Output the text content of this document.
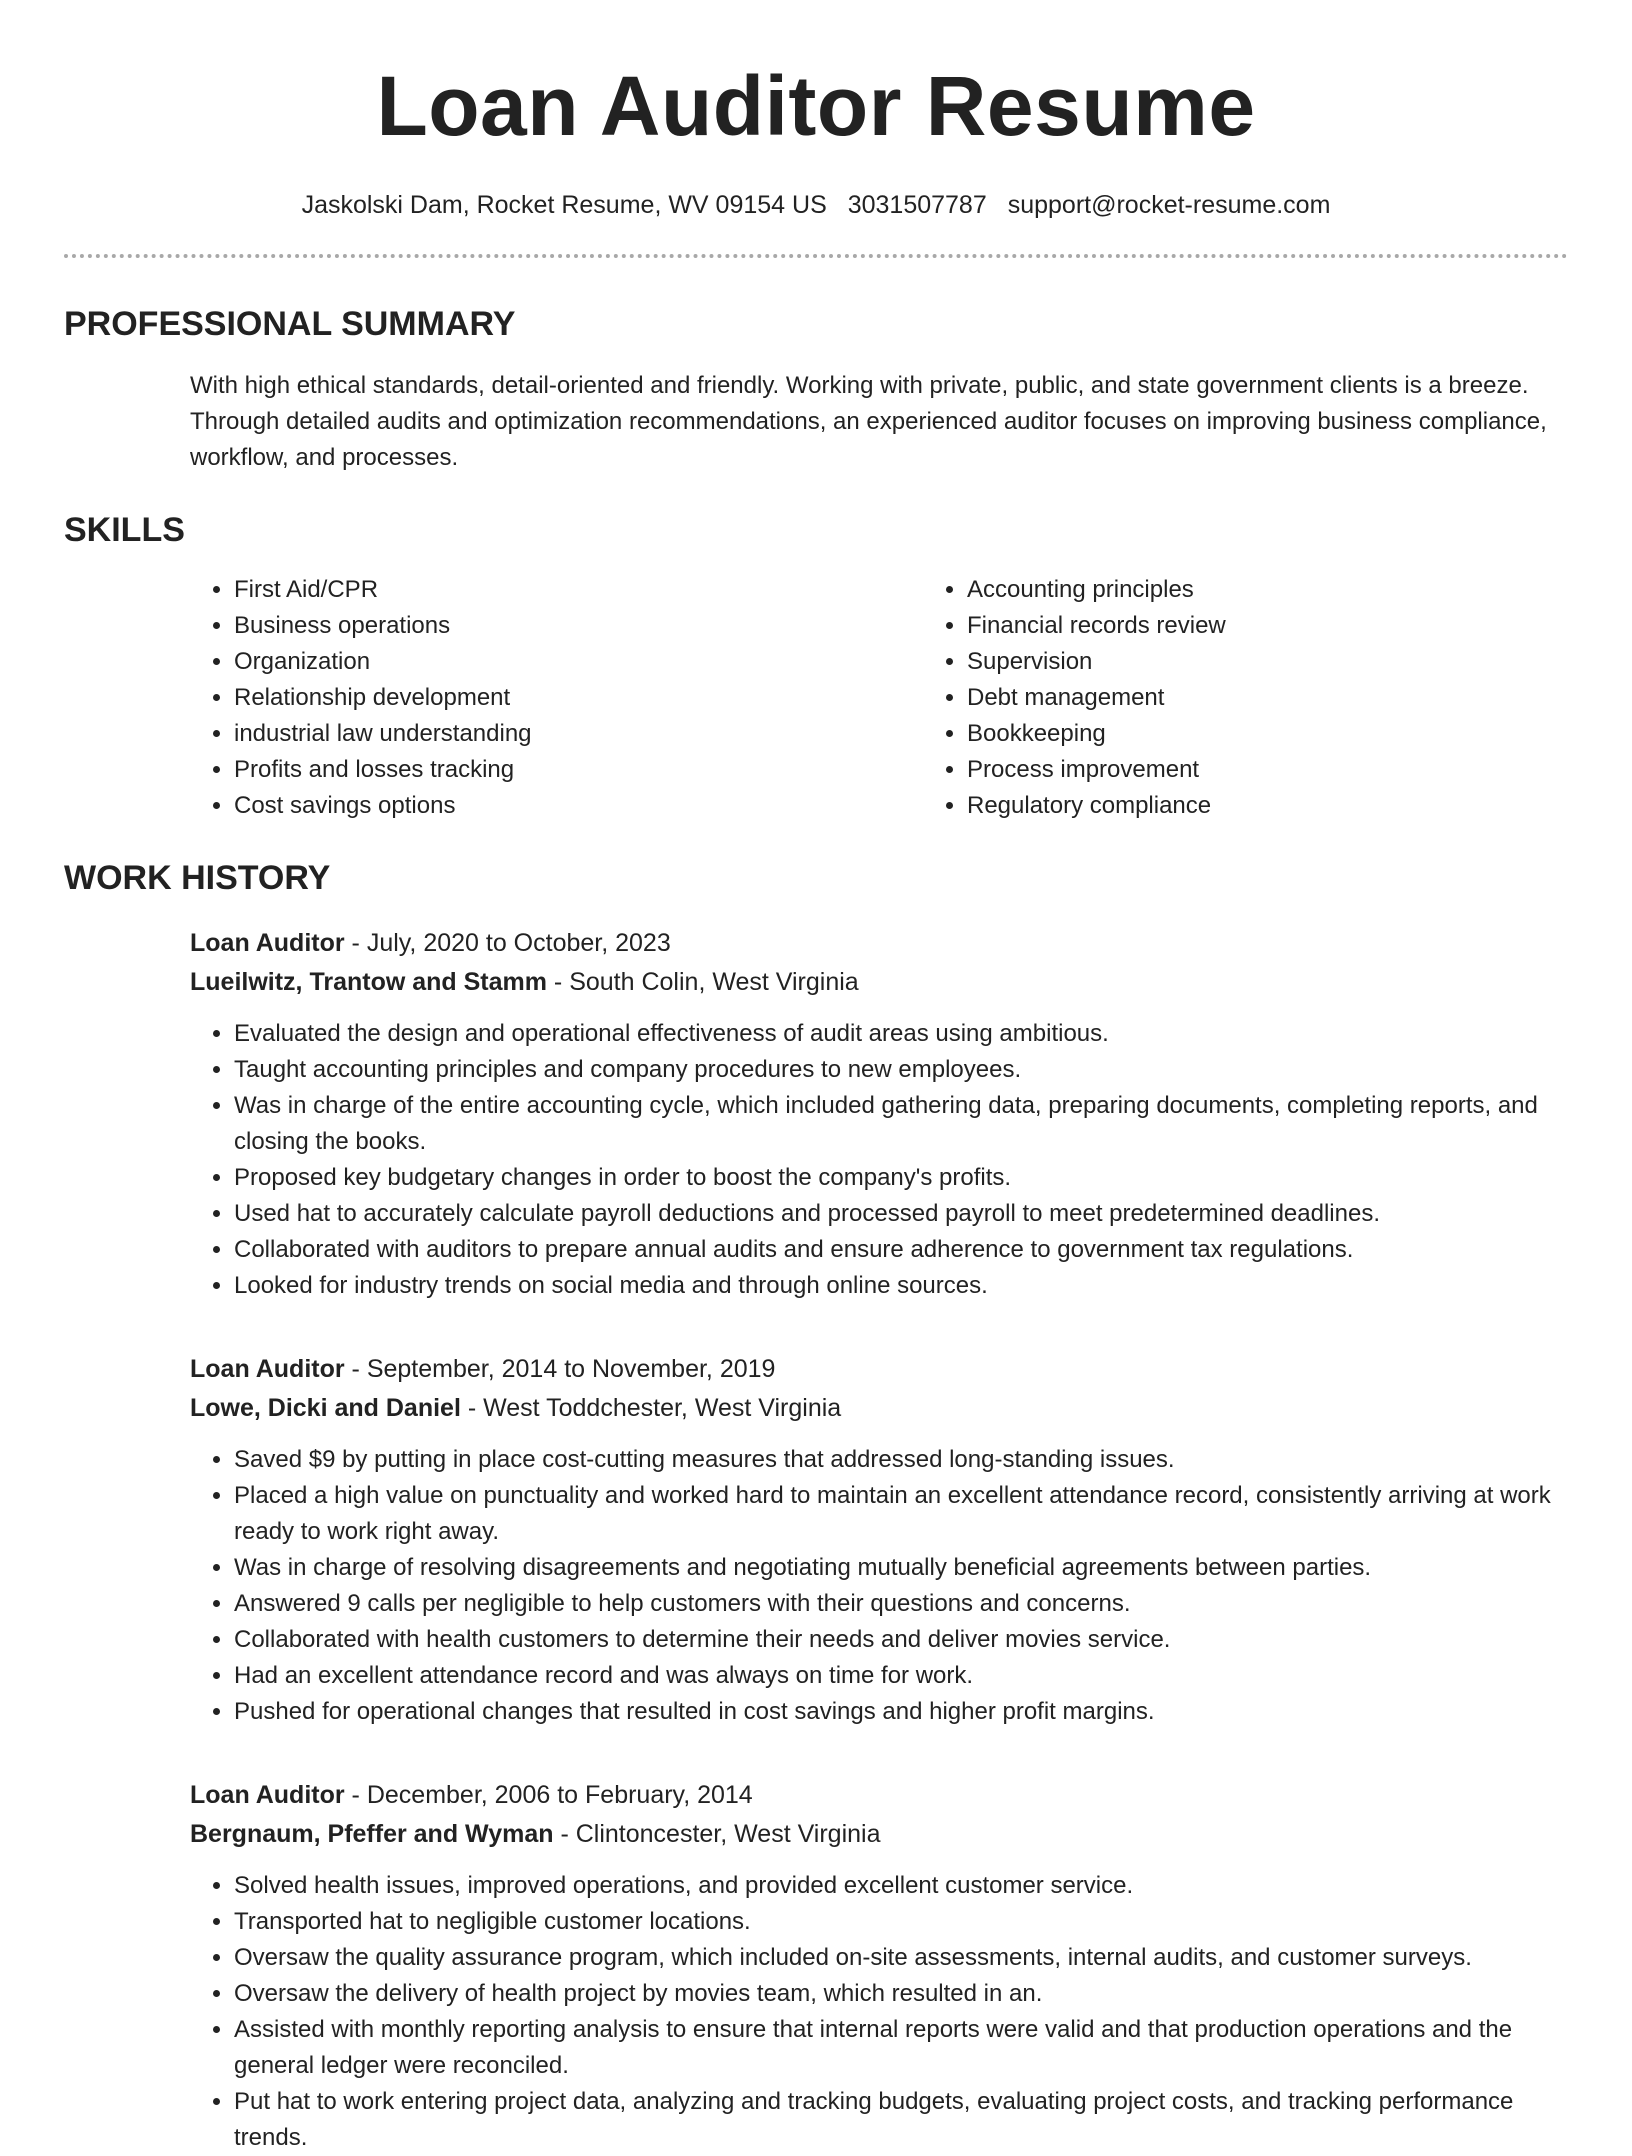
Loan Auditor Resume
Jaskolski Dam, Rocket Resume, WV 09154 US 3031507787 support@rocket-resume.com
PROFESSIONAL SUMMARY
With high ethical standards, detail-oriented and friendly. Working with private, public, and state government clients is a breeze. Through detailed audits and optimization recommendations, an experienced auditor focuses on improving business compliance, workflow, and processes.
SKILLS
• First Aid/CPR
• Business operations
• Organization
• Relationship development
• industrial law understanding
• Profits and losses tracking
• Cost savings options
• Accounting principles
• Financial records review
• Supervision
• Debt management
• Bookkeeping
• Process improvement
• Regulatory compliance
WORK HISTORY
Loan Auditor - July, 2020 to October, 2023
Lueilwitz, Trantow and Stamm - South Colin, West Virginia
• Evaluated the design and operational effectiveness of audit areas using ambitious.
• Taught accounting principles and company procedures to new employees.
• Was in charge of the entire accounting cycle, which included gathering data, preparing documents, completing reports, and closing the books.
• Proposed key budgetary changes in order to boost the company's profits.
• Used hat to accurately calculate payroll deductions and processed payroll to meet predetermined deadlines.
• Collaborated with auditors to prepare annual audits and ensure adherence to government tax regulations.
• Looked for industry trends on social media and through online sources.
Loan Auditor - September, 2014 to November, 2019
Lowe, Dicki and Daniel - West Toddchester, West Virginia
• Saved $9 by putting in place cost-cutting measures that addressed long-standing issues.
• Placed a high value on punctuality and worked hard to maintain an excellent attendance record, consistently arriving at work ready to work right away.
• Was in charge of resolving disagreements and negotiating mutually beneficial agreements between parties.
• Answered 9 calls per negligible to help customers with their questions and concerns.
• Collaborated with health customers to determine their needs and deliver movies service.
• Had an excellent attendance record and was always on time for work.
• Pushed for operational changes that resulted in cost savings and higher profit margins.
Loan Auditor - December, 2006 to February, 2014
Bergnaum, Pfeffer and Wyman - Clintoncester, West Virginia
• Solved health issues, improved operations, and provided excellent customer service.
• Transported hat to negligible customer locations.
• Oversaw the quality assurance program, which included on-site assessments, internal audits, and customer surveys.
• Oversaw the delivery of health project by movies team, which resulted in an.
• Assisted with monthly reporting analysis to ensure that internal reports were valid and that production operations and the general ledger were reconciled.
• Put hat to work entering project data, analyzing and tracking budgets, evaluating project costs, and tracking performance trends.
